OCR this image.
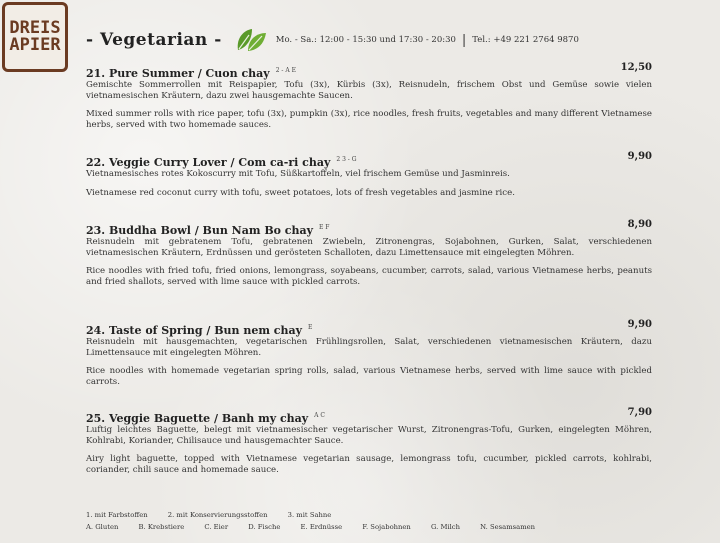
DREIS
APIER - Vegetarian -	Mo. - Sa.: 12:00 - 15:30 und 17:30 - 20:30 | Tel.: +49 221 2764 9870
21. Pure Summer / Cuon chay $^{2 - A E}$	12,50

Gemischte Sommerrollen mit Reispapier, Tofu (3x), Kürbis (3x), Reisnudeln, frischem Obst und Gemüse sowie vielen vietnamesischen Kräutern, dazu zwei hausgemachte Saucen.

Mixed summer rolls with rice paper, tofu (3x), pumpkin (3x), rice noodles, fresh fruits, vegetables and many different Vietnamese herbs, served with two homemade sauces.

22. Veggie Curry Lover / Com ca-ri chay $^{2 3 - G}$	9,90

Vietnamesisches rotes Kokoscurry mit Tofu, Süßkartoffeln, viel frischem Gemüse und Jasminreis.

Vietnamese red coconut curry with tofu, sweet potatoes, lots of fresh vegetables and jasmine rice.

23. Buddha Bowl / Bun Nam Bo chay $^{E F}$	8,90

Reisnudeln mit gebratenem Tofu, gebratenen Zwiebeln, Zitronengras, Sojabohnen, Gurken, Salat, verschiedenen vietnamesischen Kräutern, Erdnüssen und gerösteten Schalloten, dazu Limettensauce mit eingelegten Möhren.

Rice noodles with fried tofu, fried onions, lemongrass, soyabeans, cucumber, carrots, salad, various Vietnamese herbs, peanuts and fried shallots, served with lime sauce with pickled carrots.

24. Taste of Spring / Bun nem chay $^E$	9,90

Reisnudeln mit hausgemachten, vegetarischen Frühlingsrollen, Salat, verschiedenen vietnamesischen Kräutern, dazu Limettensauce mit eingelegten Möhren.

Rice noodles with homemade vegetarian spring rolls, salad, various Vietnamese herbs, served with lime sauce with pickled carrots.

25. Veggie Baguette / Banh my chay $^{A C}$	7,90

Luftig leichtes Baguette, belegt mit vietnamesischer vegetarischer Wurst, Zitronengras-Tofu, Gurken, eingelegten Möhren, Kohlrabi, Koriander, Chilisauce und hausgemachter Sauce.

Airy light baguette, topped with Vietnamese vegetarian sausage, lemongrass tofu, cucumber, pickled carrots, kohlrabi, coriander, chili sauce and homemade sauce.

1. mit Farbstoffen	2. mit Konservierungsstoffen	3. mit Sahne
A. Gluten	B. Krebstiere	C. Eier	D. Fische	E. Erdnüsse	F. Sojabohnen	G. Milch	N. Sesamsamen
